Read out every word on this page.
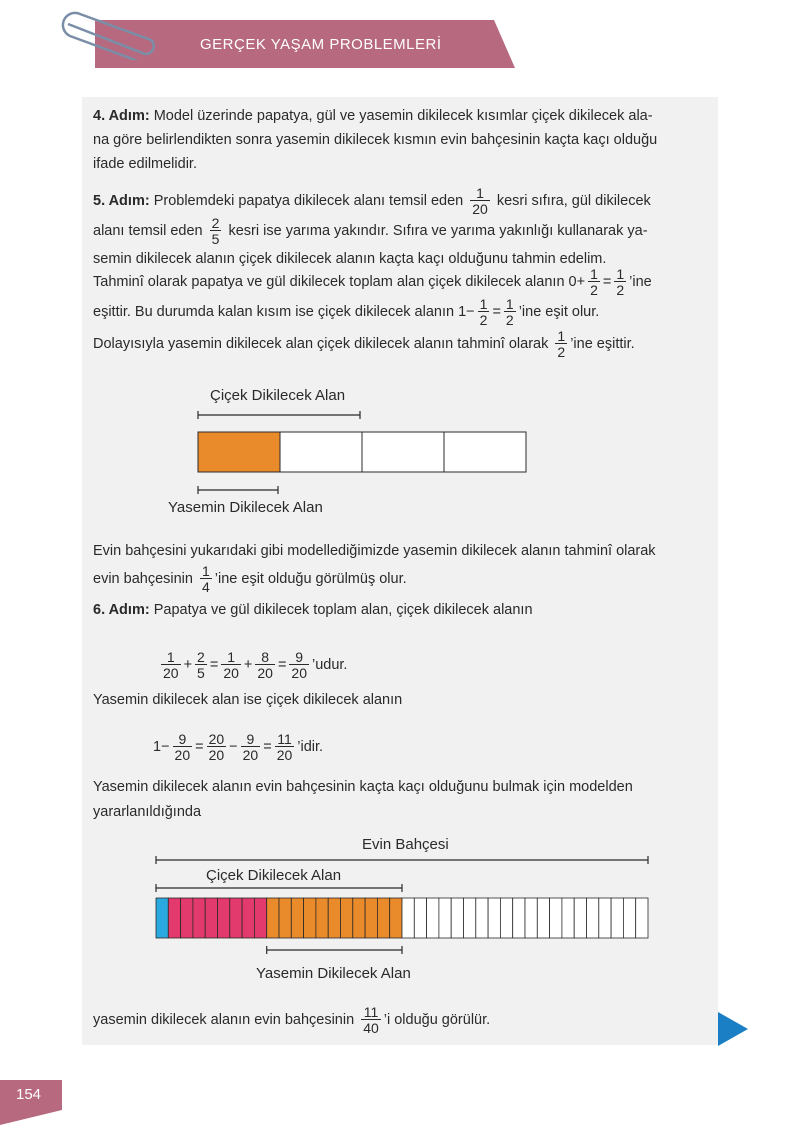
GERÇEK YAŞAM PROBLEMLERİ
4. Adım: Model üzerinde papatya, gül ve yasemin dikilecek kısımlar çiçek dikilecek ala-
na göre belirlendikten sonra yasemin dikilecek kısmın evin bahçesinin kaçta kaçı olduğu
ifade edilmelidir.
5. Adım: Problemdeki papatya dikilecek alanı temsil eden $\frac{1}{20}$ kesri sıfıra, gül dikilecek
alanı temsil eden $\frac{2}{5}$ kesri ise yarıma yakındır. Sıfıra ve yarıma yakınlığı kullanarak ya-
semin dikilecek alanın çiçek dikilecek alanın kaçta kaçı olduğunu tahmin edelim.
Tahminî olarak papatya ve gül dikilecek toplam alan çiçek dikilecek alanın $0+ \frac{1}{2} = \frac{1}{2}$ ’ine
eşittir. Bu durumda kalan kısım ise çiçek dikilecek alanın $1- \frac{1}{2} = \frac{1}{2}$ ’ine eşit olur.
Dolayısıyla yasemin dikilecek alan çiçek dikilecek alanın tahminî olarak $\frac{1}{2}$ ’ine eşittir.
Çiçek Dikilecek Alan
Yasemin Dikilecek Alan
Evin bahçesini yukarıdaki gibi modellediğimizde yasemin dikilecek alanın tahminî olarak
evin bahçesinin $\frac{1}{4}$ ’ine eşit olduğu görülmüş olur.
6. Adım: Papatya ve gül dikilecek toplam alan, çiçek dikilecek alanın
$\frac{1}{20} + \frac{2}{5} = \frac{1}{20} + \frac{8}{20} = \frac{9}{20}$ ’udur.
Yasemin dikilecek alan ise çiçek dikilecek alanın
$1- \frac{9}{20} = \frac{20}{20} - \frac{9}{20} = \frac{11}{20}$ ’idir.
Yasemin dikilecek alanın evin bahçesinin kaçta kaçı olduğunu bulmak için modelden
yararlanıldığında
Evin Bahçesi
Çiçek Dikilecek Alan
Yasemin Dikilecek Alan
yasemin dikilecek alanın evin bahçesinin $\frac{11}{40}$ ’i olduğu görülür.
154
